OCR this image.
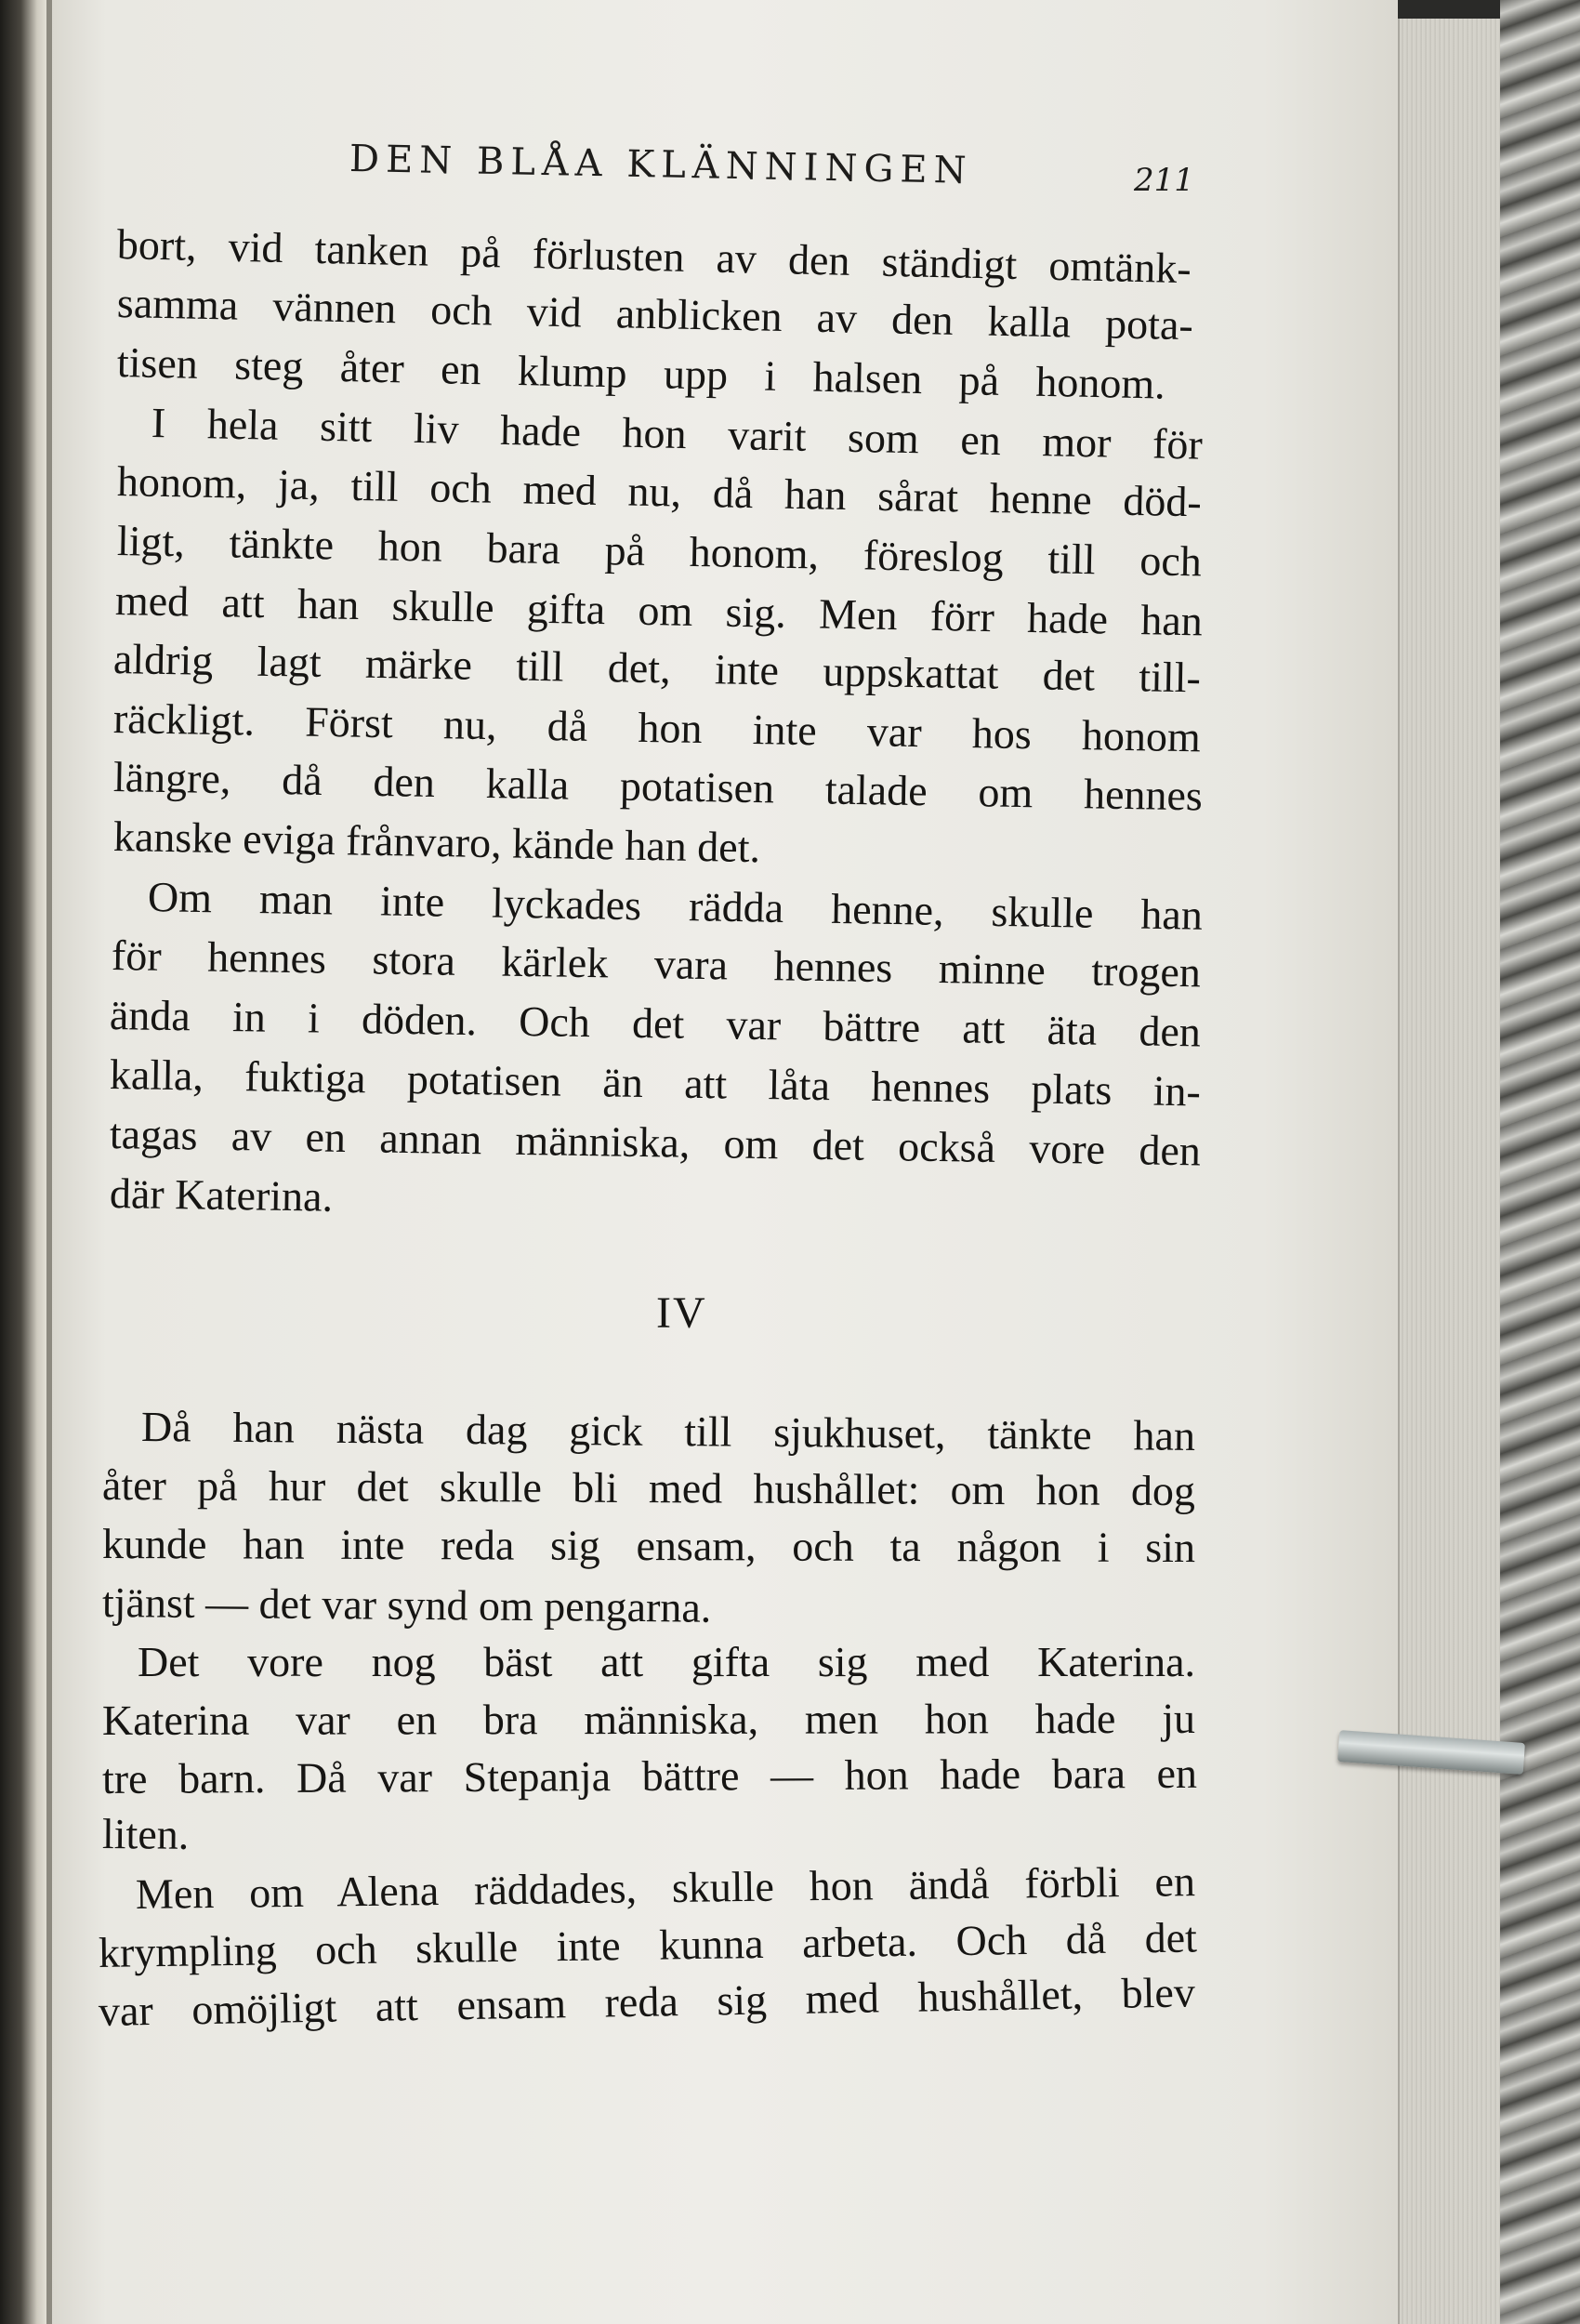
DEN BLÅA KLÄNNINGEN	211
bort, vid tanken på förlusten av den ständigt omtänk-
samma vännen och vid anblicken av den kalla pota-
tisen steg åter en klump upp i halsen på honom.
I hela sitt liv hade hon varit som en mor för
honom, ja, till och med nu, då han sårat henne död-
ligt, tänkte hon bara på honom, föreslog till och
med att han skulle gifta om sig. Men förr hade han
aldrig lagt märke till det, inte uppskattat det till-
räckligt. Först nu, då hon inte var hos honom
längre, då den kalla potatisen talade om hennes
kanske eviga frånvaro, kände han det.
Om man inte lyckades rädda henne, skulle han
för hennes stora kärlek vara hennes minne trogen
ända in i döden. Och det var bättre att äta den
kalla, fuktiga potatisen än att låta hennes plats in-
tagas av en annan människa, om det också vore den
där Katerina.
IV
Då han nästa dag gick till sjukhuset, tänkte han
åter på hur det skulle bli med hushållet: om hon dog
kunde han inte reda sig ensam, och ta någon i sin
tjänst — det var synd om pengarna.
Det vore nog bäst att gifta sig med Katerina.
Katerina var en bra människa, men hon hade ju
tre barn. Då var Stepanja bättre — hon hade bara en
liten.
Men om Alena räddades, skulle hon ändå förbli en
krympling och skulle inte kunna arbeta. Och då det
var omöjligt att ensam reda sig med hushållet, blev
